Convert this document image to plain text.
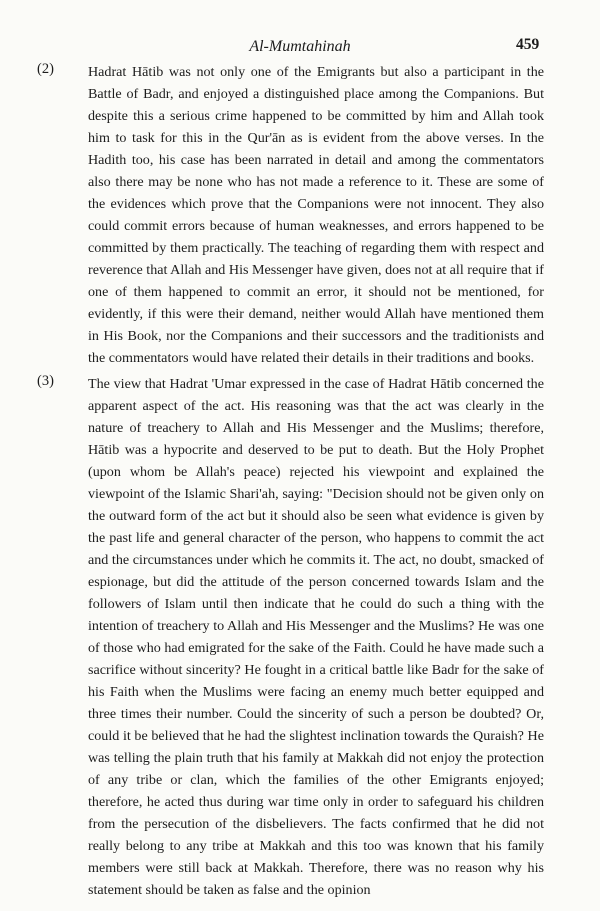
Al-Mumtahinah	459
(2) Hadrat Hātib was not only one of the Emigrants but also a participant in the Battle of Badr, and enjoyed a distinguished place among the Companions. But despite this a serious crime happened to be committed by him and Allah took him to task for this in the Qur'ān as is evident from the above verses. In the Hadith too, his case has been narrated in detail and among the commentators also there may be none who has not made a reference to it. These are some of the evidences which prove that the Companions were not innocent. They also could commit errors because of human weaknesses, and errors happened to be committed by them practically. The teaching of regarding them with respect and reverence that Allah and His Messenger have given, does not at all require that if one of them happened to commit an error, it should not be mentioned, for evidently, if this were their demand, neither would Allah have mentioned them in His Book, nor the Companions and their successors and the traditionists and the commentators would have related their details in their traditions and books.

(3) The view that Hadrat 'Umar expressed in the case of Hadrat Hātib concerned the apparent aspect of the act. His reasoning was that the act was clearly in the nature of treachery to Allah and His Messenger and the Muslims; therefore, Hātib was a hypocrite and deserved to be put to death. But the Holy Prophet (upon whom be Allah's peace) rejected his viewpoint and explained the viewpoint of the Islamic Shari'ah, saying: "Decision should not be given only on the outward form of the act but it should also be seen what evidence is given by the past life and general character of the person, who happens to commit the act and the circumstances under which he commits it. The act, no doubt, smacked of espionage, but did the attitude of the person concerned towards Islam and the followers of Islam until then indicate that he could do such a thing with the intention of treachery to Allah and His Messenger and the Muslims? He was one of those who had emigrated for the sake of the Faith. Could he have made such a sacrifice without sincerity? He fought in a critical battle like Badr for the sake of his Faith when the Muslims were facing an enemy much better equipped and three times their number. Could the sincerity of such a person be doubted? Or, could it be believed that he had the slightest inclination towards the Quraish? He was telling the plain truth that his family at Makkah did not enjoy the protection of any tribe or clan, which the families of the other Emigrants enjoyed; therefore, he acted thus during war time only in order to safeguard his children from the persecution of the disbelievers. The facts confirmed that he did not really belong to any tribe at Makkah and this too was known that his family members were still back at Makkah. Therefore, there was no reason why his statement should be taken as false and the opinion
